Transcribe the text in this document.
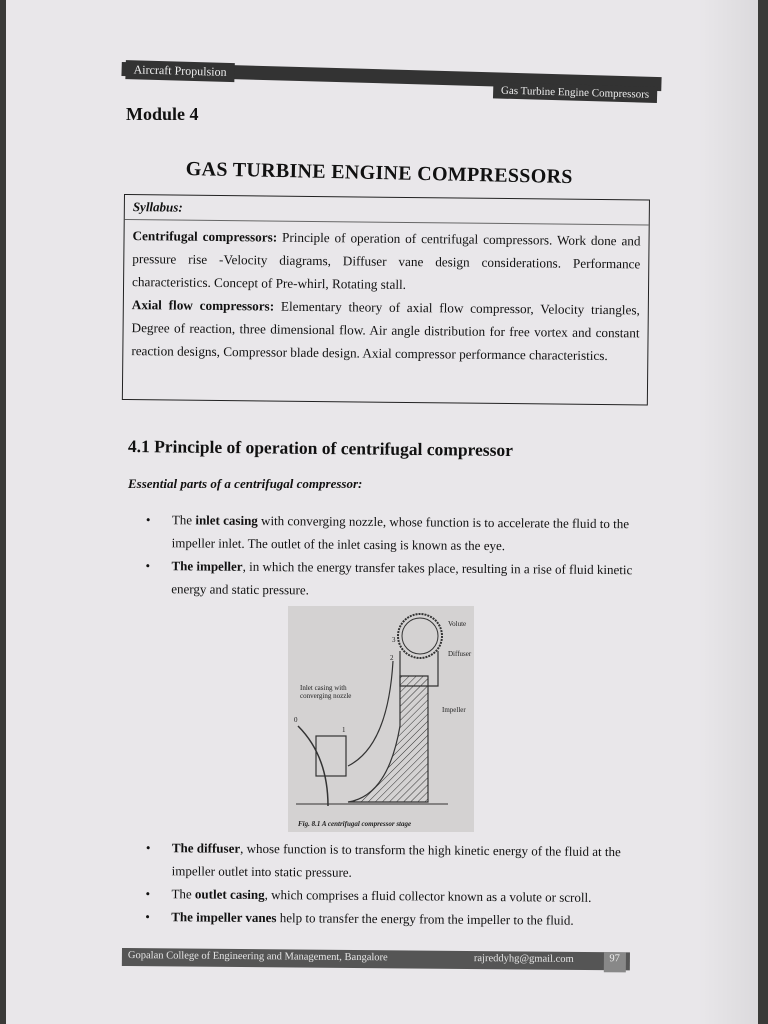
Aircraft Propulsion
Gas Turbine Engine Compressors
Module 4
GAS TURBINE ENGINE COMPRESSORS
Syllabus:

Centrifugal compressors: Principle of operation of centrifugal compressors. Work done and pressure rise -Velocity diagrams, Diffuser vane design considerations. Performance characteristics. Concept of Pre-whirl, Rotating stall.

Axial flow compressors: Elementary theory of axial flow compressor, Velocity triangles, Degree of reaction, three dimensional flow. Air angle distribution for free vortex and constant reaction designs, Compressor blade design. Axial compressor performance characteristics.

4.1 Principle of operation of centrifugal compressor
Essential parts of a centrifugal compressor:
• The inlet casing with converging nozzle, whose function is to accelerate the fluid to the impeller inlet. The outlet of the inlet casing is known as the eye.
• The impeller, in which the energy transfer takes place, resulting in a rise of fluid kinetic energy and static pressure.
Volute
Diffuser
Impeller
Inlet casing with converging nozzle
0
1
2
3
Fig. 8.1 A centrifugal compressor stage
• The diffuser, whose function is to transform the high kinetic energy of the fluid at the impeller outlet into static pressure.
• The outlet casing, which comprises a fluid collector known as a volute or scroll.
• The impeller vanes help to transfer the energy from the impeller to the fluid.
Gopalan College of Engineering and Management, Bangalore	rajreddyhg@gmail.com	97
